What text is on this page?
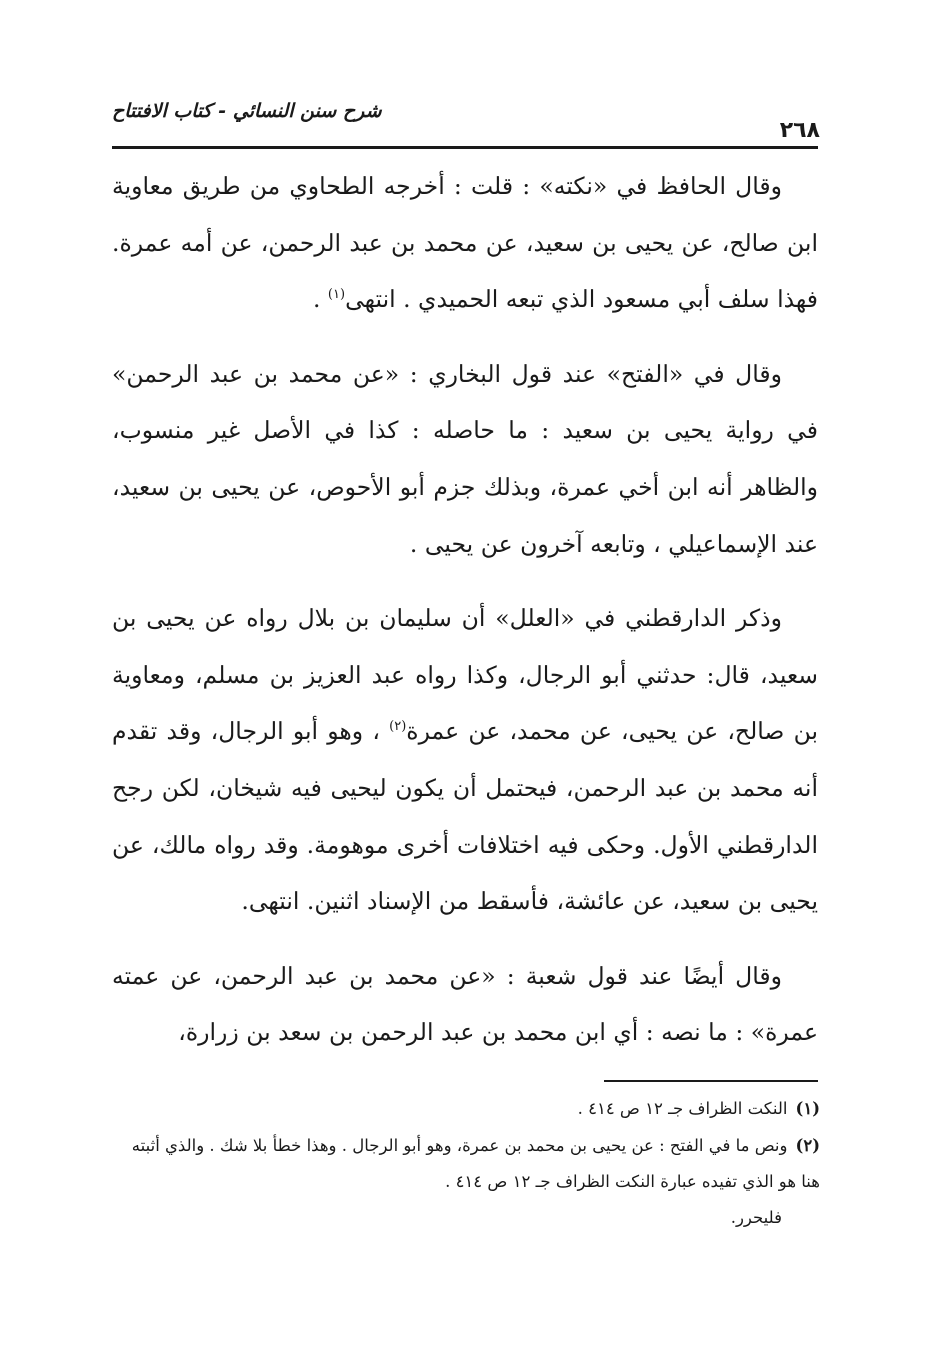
شرح سنن النسائي - كتاب الافتتاح
٢٦٨

وقال الحافظ في «نكته» : قلت : أخرجه الطحاوي من طريق معاوية ابن صالح، عن يحيى بن سعيد، عن محمد بن عبد الرحمن، عن أمه عمرة. فهذا سلف أبي مسعود الذي تبعه الحميدي . انتهى$^{(١)}$ .

وقال في «الفتح» عند قول البخاري : «عن محمد بن عبد الرحمن» في رواية يحيى بن سعيد : ما حاصله : كذا في الأصل غير منسوب، والظاهر أنه ابن أخي عمرة، وبذلك جزم أبو الأحوص، عن يحيى بن سعيد، عند الإسماعيلي ، وتابعه آخرون عن يحيى .

وذكر الدارقطني في «العلل» أن سليمان بن بلال رواه عن يحيى بن سعيد، قال: حدثني أبو الرجال، وكذا رواه عبد العزيز بن مسلم، ومعاوية بن صالح، عن يحيى، عن محمد، عن عمرة$^{(٢)}$ ، وهو أبو الرجال، وقد تقدم أنه محمد بن عبد الرحمن، فيحتمل أن يكون ليحيى فيه شيخان، لكن رجح الدارقطني الأول. وحكى فيه اختلافات أخرى موهومة. وقد رواه مالك، عن يحيى بن سعيد، عن عائشة، فأسقط من الإسناد اثنين. انتهى.

وقال أيضًا عند قول شعبة : «عن محمد بن عبد الرحمن، عن عمته عمرة» : ما نصه : أي ابن محمد بن عبد الرحمن بن سعد بن زرارة،

(١)النكت الظراف جـ ١٢ ص ٤١٤ .
(٢)ونص ما في الفتح : عن يحيى بن محمد بن عمرة، وهو أبو الرجال . وهذا خطأ بلا شك . والذي أثبته هنا هو الذي تفيده عبارة النكت الظراف جـ ١٢ ص ٤١٤ .
فليحرر.
